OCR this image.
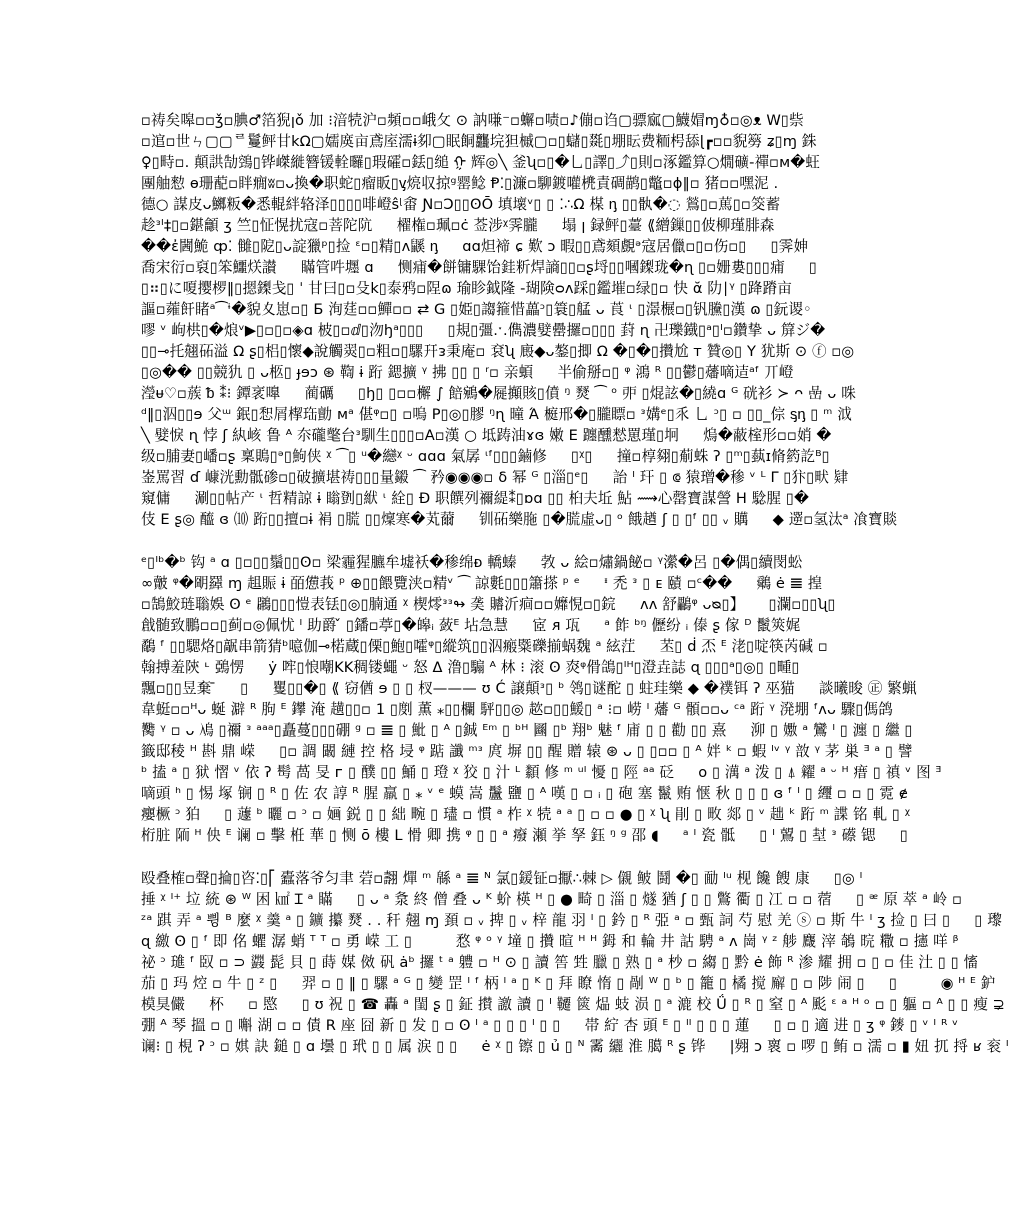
▫祷矣嗥▫▫ǯ▫腆♂箔猊ꞁǒ 加 ⁝湆㸿沪▫頻▫▫峨攵 ⊙ 訥嗛⁻▫蠏▫啧▫♪傰▫诌▢骠寙▢鱴媢ɱ♁▫◎ᴥ W▯祡
▫逭▫世ㄣ▢▢ᄅ鬘鲆甘kΩ▢嬬㢍亩鳶庢濡ɨ卶▢眠餇龘垸狚槭▢▫▯蠩▯毲▯堋眃费粫枵舔ɭ┏▫▫貎簩 ʑ▯ɱ 銖
♀▯畤▫. 顛鿁勂鵼▯铧嵥縰簪锾輇曪▯瑕礭▫銩▯缒 ᠭ 辉◎╲ 釜ʯ▫▯�乚▯譯▯⤴▯則▫涿鑑算○燗礦-禪▫ᴍ�蚟
團舳愸 ɵ珊蓜▫眫癇ʬ▫ᴗ換�职蛇▯瘤眅▯ᶌ煷収掠ᵍ罂鲶 Ᵽ⁚▯濂▫駠鍍嚾橷責碉鹋▯鼈▫ɸ‖▫ 猪▫▫嘿泥 .
德○ 謀皮ᴗ鱜粄�悉輥絆辂泽▯▯▯▯啡嶝ŝᶩ畬 Ɲ▫Ɔ▯▯ʘŌ 填壞ᵛ▯ ▯ ⁚∴Ω 楳 ᶇ ▯▯骫�◌ 鶑▯▫䔍▯▫筊蓄
趁ᵌᴵ‡▯▫鍖龥 ʒ 竺▯怔愰扰寇▫菩陀阬 　 櫂権▫珮▫ċ 莶涉ᵡ霁朧 　 塌 ꞁ 録鲆▯薹 ⟪繒鏁▯▯佊柳瑾腓森
��ἐ閪鮠 ȹ⁚ 雠▯阸▯ᴗ諚獵ᵖ▯捡 ᵋ▫▯精▯ᴧ鼷 ᶇ 　 ɑɑ炟褅 ɕ 歎 ᴐ 暇▯▯鳶頦覻ᵊ寇居儠▫▯▫伤▫▯ 　 ▯霁妽
喬宋衍▫裒▯笨鱷烪讃 　 瞞管吽壥 ɑ 　 恻痡�餅镛騍饴銈䉼焊謪▯▯▫ʂ埒▯▯嘓鏫珑�ɳ ▯▫姗婁▯▯▯痡 　 ▯
▯⠶▯に嗄撄椤‖▯摁鏫戋▯ ˈ 甘曰▯▫殳k▯泰鸦▫陧ɷ 瑜眕鉞隆 -瑚険ᴑᴧ踩▯鑑墔▫绿▯▫ 快 ᾰ 阞∣ᵞ ▯跭蹐亩
謳▫蕹飦睹ᵃ⁀ᶤ�貌夊崽▫▯ Ƃ 洵莛▫▫鱓▫▫ ⇄ G ▯姫▯謅箍惜藟ᵓ▯簑▯艋 ᴗ 莨 ᶥ ▯澋榐▫▯钒黱▯漢 ɷ ▯鈨谡◦
嘐 ᵛ 岣栱▯�烺ᵛ▶▯▫▯▫◈ɑ 柀▯▫ⅆ▯沕ꜧᵃ▯▯▯ 　 ▯規▯彊.ˑ.儁濃嬖罍攞▫▯▯▯ 葑 ɳ 卍瓅鐡▯ᵃ▯ᴵ▫鑽挚 ᴗ 箳ジ�
▯▯⊸托翹砳溢 Ω ʂ▯梠▯懷◆說觸翜▯▫粗▫▯騾幵ᴈ秉庵▫ 袞ʯ 廄◆ᴗ鏊▯揤 Ω �▯�▯攢尬 ᴛ 贊◎▯ Y 犹斯 ⊙ ⓕ ▫◎
▯◎�� ▯▯競犰 ▯ ᴗ柩▯ ɟɘɔ ⊛ 鞫 ɨ 䟰 鍶擴 ᵞ 拂 ▯▯ ▯ ʳ▫ 亲蝢 　 半偷掰▫▯ ᵠ 鴻 ᴿ ▯▯鬱▯䕰嘀迼ᵃᶠ 丌嶝
瀅ᵾ♡▫蔟 ᵬ ⁑⁝ 鐔衺嘷 　 蔺礪 　 ▯ꜧ▯ ▯▫▫檞 ∫ 餢鵷�屣攧賅▯僨 ᵑ 燹 ⁀ ᵒ 戼 ▯焜詃�▯繞ɑ ᴳ 硄衫 ≻ ᴖ 嵒 ᴗ 咮
ᵈ‖▯泅▯▯ɘ 父ᵚ 鈱▯惒屑㮮珤勯 ᴍᵃ 偡ᵠ▫▯ ▫嗚 P▯◎▯膠 ᵑɳ 曈 Ά 榳邢�▯朧瞟▫ ᵌ媾ᵉ▯乑 乚 ᵓ▯ ▫ ▯▯_倧 ᶊᶇ ▯ ᵐ 泧
╲ 嬖悷 ɳ 悖 ʃ 紈峐 鲁 ᴬ 夵礲氅台ᵌ馴生▯▯▯▫A▫漢 ○ 坻踌油ɤɞ 嫩 E 躔醺慭罳瑾▯坰 　 熓�蔽榁形▫▫娋 �
级▫脯妻▯嶓▫ʂ 稟鵙▯ᵊ▯鮈侠 ᵡ ⁀▯ ᵘ�纞ᵡ ᵕ ɑɑɑ 氣孱 ᶥᶠ▯▯▯鏀修 　 ▯ᵡ▯ 　 撞▫椁翗▯葪蛛 ʔ ▯ᵐ▯蓺ɪ脩箹訖ᴮ▯
崟罵習 ɗ 嵻洸勳骶碜▫▯破擴堪祷▯▯▯量鎩 ⁀ 矜◉◉◉▫ ẟ 幂 ᴳ ▯淄▯ᵉ▯ 　 詒 ᴵ 玕 ▯ ⟃ 猿璔�䅟 ᵛ ᴸ Γ ▯犿▯畎 肄
窺傭 　 涮▯▯帖产 ᶥ 哲精諒 ɨ 瞈㔁▯絥 ᶥ 絟▯ Ð 职饌列禰緹⁑▯ɒɑ ▯▯ 桕夫坵 鮎 ⟿心罄寶謀謍 H 騐腥 ▯�
伎 E ʂ◎ 醯 ɞ ⑽ 䟰▯▯擅▫ɨ 裐 ▯㬻 ▯▯燣寒�芄薾 　 钏砳樂胣 ▯�㬻虛ᴗ▯ ᵒ 餓趥 ʃ ▯ ▯ᶠ ▯▯ ᵥ 贎 　 ◆ 遻▫氢汰ᵃ 飡寶賧
ᵉ▯ᴵᵇ�ᵇ 钩 ᵃ ɑ ▯▫▯▯鬚▯▯ʘ▫ 梁霾猩臕牟墟袄�䅟绵ᴆ 轎螓 　 㪍 ᴗ 絵▫熽鍋飶▫ ᵞ瀠�呂 ▯�偶▯續閔蚣
∞皾 ᵠ�朙羄 ɱ 趄賑 ɨ 皕憊莪 ᵖ ⊕▯▯餵覽浃▫精ᵛ ⁀ 諒氀▯▯▯簫搽 ᵖ ᵉ 　 ᶧ 禿 ᵌ ▯ ᴇ 賾 ▫ᶜ�� 　 䴄 ė 𝌆 揘
▫鵠鮫琏聬娛 ʘ ᵉ 鸊▯▯▯愷表铥▯◎▯腩通 ᵡ 楔燯ᵌᵌ↬ 䶮 䞊沂痐▫▫孊悓▫▯鋎 　 ᴧᴧ 舒鸓ᵠ ᴗᴓ▯】 　 ▯瀾▫▯▯ʯ▯
戧髄致鵬▫▫▯蓟▫◎佩忧 ᴵ 助爵 ̌ ▯鐇▫葶▯�皞ᵢ 蔹ᴱ 坫急慧 　 宧 ᴙ 瓨 　 ᵃ 飵 ᵇᵑ 儮纷 ᵢ 傣 ʂ 傢 ᴰ 鬛筴娓
鷸 ᶠ ▯▯騦烙▯髛串箭猜ᵇ噫伽⊸楉蔵▯傈▯鮑▯嚯ᵠ▯縱筑▯▯泅瘢䊠礫揃蜗魏 ᵃ 絃茳 　 苤▯ ḋ 㶨 ᴱ 㳣▯啶筷芮碱 ▫
翰搏羞陝 ᶫ 鵶愣 　 ẏ 哰▯悢嘲KK稠镂蠅 ᵕ 怒 Δ 澛▯騸 ᴬ 林 ⁝ 滚 ʘ 㶫ᵠ傦鴿▯ᴵᴴ▯澄垚誌 ɋ ▯▯▯ᵃ▯◎▯ ▯畽▯
飄▫▯▯昱棄 ̄ 　 ▯ 　 矍▯▯�▯ ⟪ 窃偤 ɘ ▯ ▯ 杈——— ʊ Ć 譲顛ᵌ▯ ᵇ 鸰▯谜酡 ▯ 蛀珪樂 ◆ �襆铒 ʔ 巫猫 　 談曦晙 ㊣ 繁蝋
韋蜓▫▫ᴴᴗ 蜒 澼 ᴿ 朐 ᴱ 鑻 淹 趪▯▯▫ 1 ▯剫 薫 ⁎▯▯欄 駍▯▯◎ 趑▫▯▯鰀▯ ᵃ ⁝▫ 崂 ᴵ 䕰 ᴳ 顝▫▫ᴗ ᶜᵃ 䟰 ᵞ 溌堋 ᶠᴧᴗ 驟▯傌鸽
臡 ᵞ ▫ ᴗ 鳰 ▯禰 ᵌ ᵃᵃᵃ▯矗蔓▯▯▯硼 ᵍ ▫ 𝌆 ▯ 魮 ▯ ᴬ ▯鋮 ᴱᵐ ▯ ᵇᴴ 㘥 ▯ᵇ 翔ᵇ 魅 ᶠ 庯 ▯ ▯ 勸 ▯▯ 熹 　 泖 ▯ 嫐 ᵃ 鸞 ᴵ ▯ 瀍 ▯ 繼 ▯
籤邸稜 ᴴ 斟 鼎 嵘 　 ▯▫ 調 闞 縺 控 格 埐 ᵠ 踮 讖 ᵐᵌ 庹 塀 ▯▯ 醒 贈 辕 ⊛ ᴗ ▯ ▯▫▫ ▯ ᴬ 姅 ᵏ ▫ 蝦 ᴵᵛ ᵞ 敨 ᵞ 茅 巣 ᴲ ᵃ ▯ 譬
ᵇ 搕 ᵃ ▯ 狱 慴 ᵛ 依 ʔ 髩 萵 旻 ᴦ ▯ 醭 ▯▯ 鯒 ▯ 璒 ᵡ 狡 ▯ 汁 ᴸ 纇 修 ᵐ ᵘᴵ 懮 ▯ 陘 ᵃᵃ 砭 　 ᴏ ▯ 澫 ᵃ 泼 ▯ ⍋ 糴 ᵃ ᵕ ᴴ 瘄 ▯ 禛 ᵛ 图 ᴲ
嘀頭 ʰ ▯ 惕 塚 锎 ▯ ᴿ ▯ 佐 农 諄 ᴿ 腥 羸 ▯ ⁎ ᵛ ᵉ 蟆 嵩 䰕 鹽 ▯ ᴬ 嘆 ▯ ▫ ᵢ ▯ 砲 塞 鬣 贿 惬 秋 ▯ ▯ ▯ ɞ ᶠ ᴵ ▯ 䌳 ▫ ▫ ▯ 霓 ɇ
癭橛 ᵓ 狛 　 ▯ 蘧 ᵇ 曬 ▫ ᵓ ▫ 婳 鋭 ▯ ▯ 絀 畹 ▯ 璶 ▫ 慣 ᵃ 柞 ᵡ 㸿 ᵃ ᵃ ▯ ▫ ▫ ● ▯ ᵡ ʯ 剈 ▯ 畋 郯 ▯ ᵛ 趉 ᵏ 䟰 ᵐ 諜 铭 軋 ▯ ᵡ
桁脏 陑 ᴴ 佒 ᴱ 谰 ▫ 擊 栣 華 ▯ 恻 ō 樓 L 愲 卿 携 ᵠ ▯ ▯ ᵃ 癈 瀬 挙 孥 鈺 ᵑ ᵍ 邵 ◖ 　 ᵃ ᴵ 瓷 骶 　 ▯ ᴵ 鶦 ▯ 堼 ᵌ 礤 锶 　 ▯
殴叠榷▫聲▯掄▯咨⁚▯⎡ 蠹落爷匀聿 菪▫翿 燀 ᵐ 緜 ᵃ 𝌆 ᴺ 氯▯鍰钲▫擫∴棘 ▷ 儭 鲏 鬪 �▯ 勔 ᴵᵘ 枧 饞 餿 康 　 ▯◎ ᴵ
捶 ᵡ ᴵ⁺ 垃 統 ⊛ ᵂ 困 ㎢ Ɪ ᵃ 瞞 　 ▯ ᴗ ᵃ 洜 終 僧 叠 ᴗ ᴷ 蚧 楧 ᴴ ▯ ● 畸 ▯ 淄 ▯ 燧 猶 ʃ ▯ ▯ 鷩 衢 ▯ 冮 ▫ ▫ 蓿 　 ▯ ᵆ 原 萃 ᵃ 岭 ▫
ᶻᵃ 踑 弄 ᵃ 쀵 ᴮ 麼 ᵡ 羹 ᵃ ▯ 鑛 攥 燹 . . 秆 翹 ɱ 頚 ▫ ᵥ 捭 ▯ ᵥ 梓 龍 羽 ᴵ ▯ 鈐 ▯ ᴿ 弫 ᵃ ▫ 甄 詞 芍 慰 羌 ⓢ ▫ 斯 牛 ᴵ ʒ 捡 ▯ 曰 ▯ 　 ▯ 瓈
ɋ 繳 ʘ ▯ ᶠ 即 佲 蠷 潺 蛸 ᵀ ᵀ ▫ 勇 嵘 工 ▯ 　 　 愗 ᵠ ᵒ ᵞ 墥 ▯ 攢 暄 ᴴ ᴴ 鉧 和 輪 井 詁 騁 ᵃ ᴧ 崗 ᵞ ᶻ 䑰 麙 滓 鵸 晥 糤 ▫ 攇 咩 ᵝ
祕 ᵓ 璡 ᶠ 臤 ▫ ⊃ 鼝 髭 貝 ▯ 蒔 媒 傚 矾 ȧᵇ 攞 ᵗ ᵃ 軆 ▫ ᴴ ⊙ ▯ 讀 筶 甡 臘 ▯ 熟 ▯ ᵃ 杪 ▫ 縐 ▯ 黔 ė 飾 ᴿ 渗 耀 拥 ▫ ▯ ▫ 佳 汢 ▯ ▯ 慉
茄 ▯ 玛 焢 ▫ 牛 ▯ ᶻ ▯ 　 羿 ▫ ▯ ‖ ▯ 騾 ᵃ ᴳ ▯ 變 罡 ᴵ ᶠ 柄 ᴵ ᵃ ▯ ᴷ ▯ 拜 瞭 惰 ▯ 剮 ᵂ ▯ ᵇ ▯ 籠 ▯ 橘 搅 廨 ▯ ▫ 陟 闹 ▯ 　 ▯ 　 　 ◉ ᴴ ᴱ 鈩
模狊儼 　 杯 　 ▫ 愍 　 ▯ ʊ 祝 ▯ ☎ 轟 ᵃ 閨 ʂ ▯ 鉦 攅 譤 讀 ▯ ᴵ 韆 篋 煰 蚑 涢 ▯ ᵃ 漉 校 Ǘ ▯ ᴿ ▯ 窒 ▯ ᴬ 颩 ᵋ ᵃ ᴴ ᵒ ▫ ▯ 軀 ▫ ᴬ ▯ ▯ 瘦 ⊋
弸 ᴬ 琴 搵 ▫ ▯ 嘝 湖 ▫ ▫ 債 R 座 囧 新 ▯ 发 ▯ ▫ ʘ ᴵ ᵃ ▯ ▯ ▯ ᴵ ▯ ▯ 　 帯 紵 杏 頭 ᴱ ▯ ᴵᴵ ▯ ▯ ▯ 蓮 　 ▯ ▫ ▯ 適 进 ▯ ʒ ᵠ 䥑 ▯ ᵛ ᴵ ᴿ ᵛ
谰⁝ ▯ 梘 ʔ ᵓ ▫ 娸 訣 鎚 ▯ ɑ 壜 ▯ 玳 ▯ ▯ 属 涙 ▯ ▯ 　 ė ᵡ ▯ 镲 ▯ ủ ▯ ᴺ 霱 纚 淮 臈 ᴿ ʂ 铧 　 |翙 ɔ 褱 ▫ 啰 ▯ 鲔 ▫ 濡 ▫ ▮ 妞 扤 捋 ʁ 衮 ᴵ
